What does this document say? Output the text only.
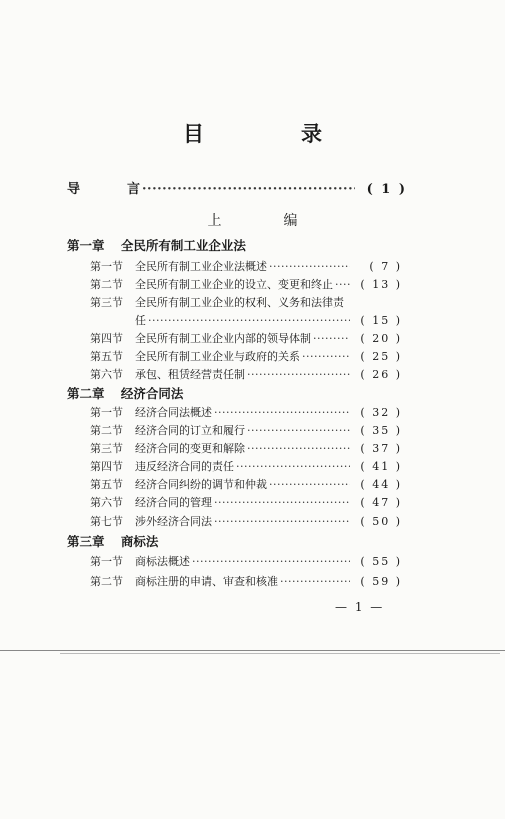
目　录
导	言 ·····	( 1 )
上　编
第一章 全民所有制工业企业法
第一节	全民所有制工业企业法概述 ·····	( 7 )
第二节	全民所有制工业企业的设立、变更和终止 ·····	( 13 )
第三节	全民所有制工业企业的权利、义务和法律责
任 ·····	( 15 )
第四节	全民所有制工业企业内部的领导体制 ·····	( 20 )
第五节	全民所有制工业企业与政府的关系 ·····	( 25 )
第六节	承包、租赁经营责任制 ·····	( 26 )
第二章 经济合同法
第一节	经济合同法概述 ·····	( 32 )
第二节	经济合同的订立和履行 ·····	( 35 )
第三节	经济合同的变更和解除 ·····	( 37 )
第四节	违反经济合同的责任 ·····	( 41 )
第五节	经济合同纠纷的调节和仲裁 ·····	( 44 )
第六节	经济合同的管理 ·····	( 47 )
第七节	涉外经济合同法 ·····	( 50 )
第三章 商标法
第一节	商标法概述 ·····	( 55 )
第二节	商标注册的申请、审查和核准 ·····	( 59 )
— 1 —
